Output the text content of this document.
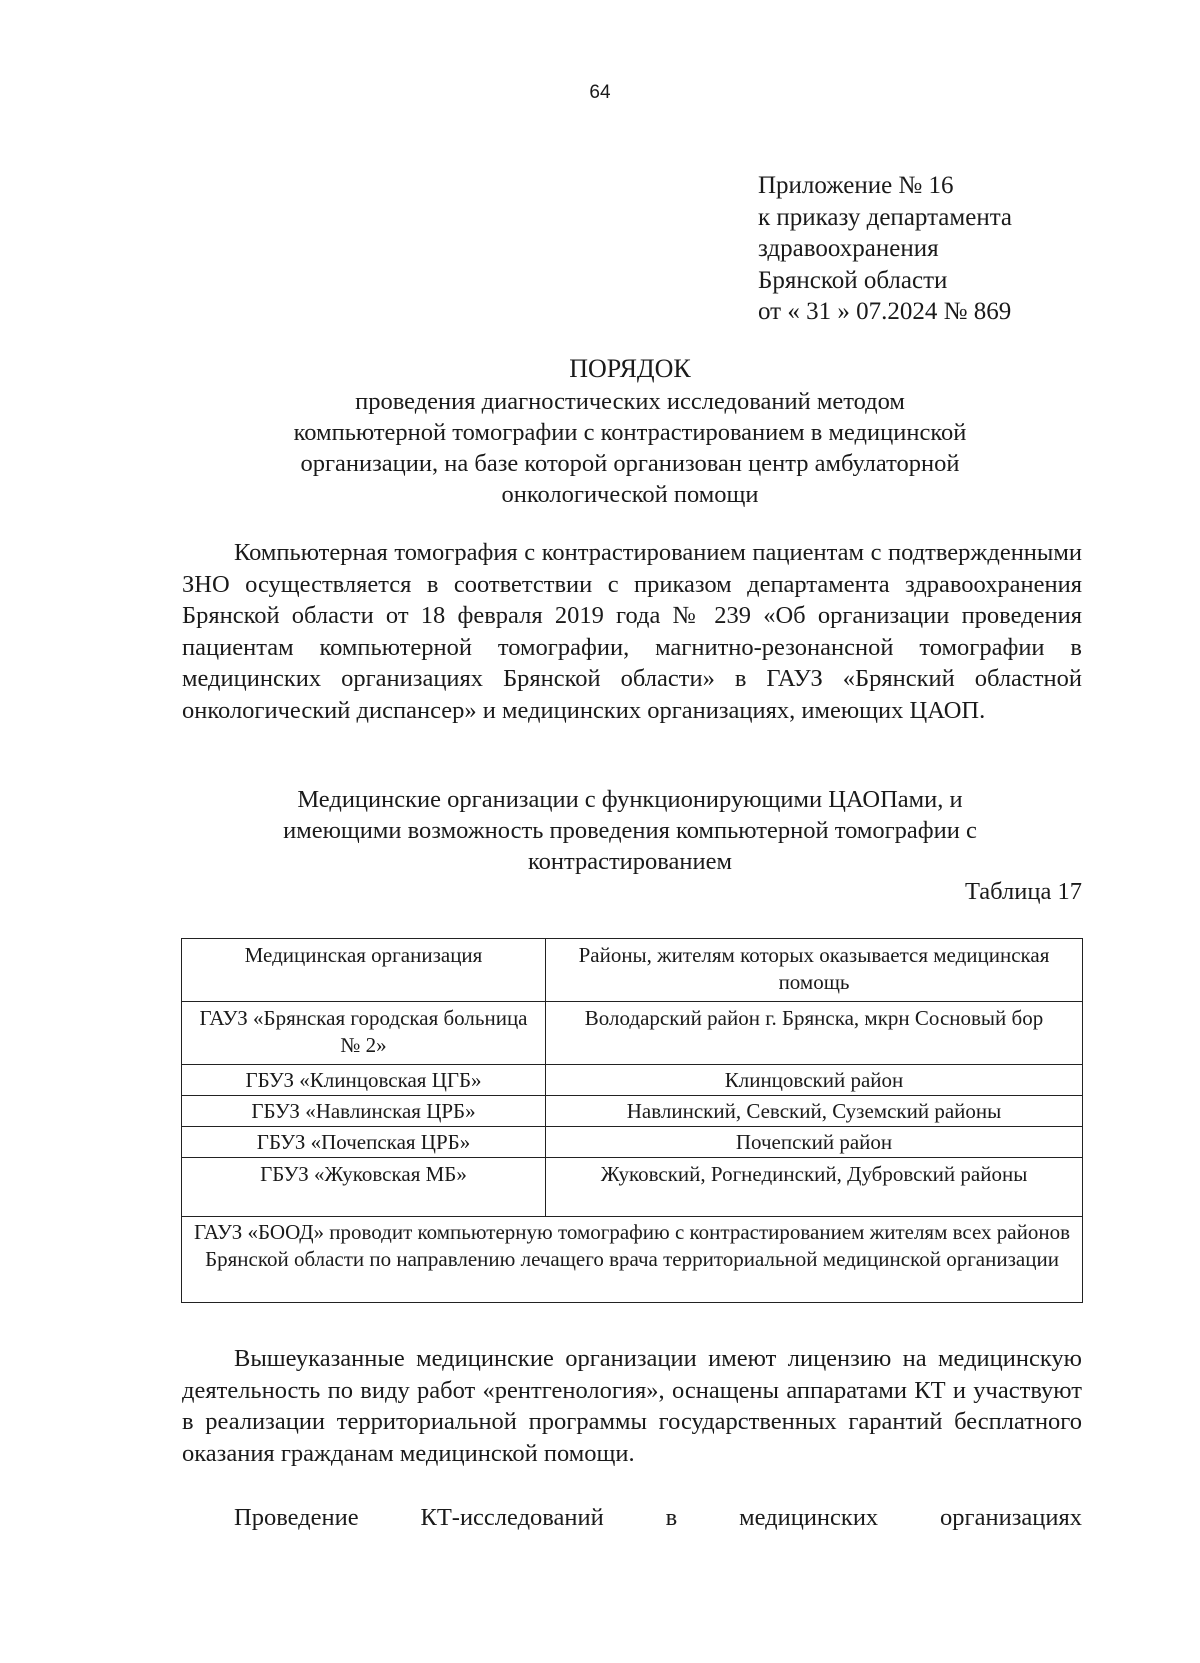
64
Приложение № 16
к приказу департамента
здравоохранения
Брянской области
от « 31 » 07.2024 № 869
ПОРЯДОК
проведения диагностических исследований методом
компьютерной томографии с контрастированием в медицинской
организации, на базе которой организован центр амбулаторной
онкологической помощи
Компьютерная томография с контрастированием пациентам с подтвержденными ЗНО осуществляется в соответствии с приказом департамента здравоохранения Брянской области от 18 февраля 2019 года № 239 «Об организации проведения пациентам компьютерной томографии, магнитно-резонансной томографии в медицинских организациях Брянской области» в ГАУЗ «Брянский областной онкологический диспансер» и медицинских организациях, имеющих ЦАОП.
Медицинские организации с функционирующими ЦАОПами, и
имеющими возможность проведения компьютерной томографии с
контрастированием
Таблица 17
Медицинская организация	Районы, жителям которых оказывается медицинская помощь
ГАУЗ «Брянская городская больница № 2»	Володарский район г. Брянска, мкрн Сосновый бор
ГБУЗ «Клинцовская ЦГБ»	Клинцовский район
ГБУЗ «Навлинская ЦРБ»	Навлинский, Севский, Суземский районы
ГБУЗ «Почепская ЦРБ»	Почепский район
ГБУЗ «Жуковская МБ»	Жуковский, Рогнединский, Дубровский районы
ГАУЗ «БООД» проводит компьютерную томографию с контрастированием жителям всех районов Брянской области по направлению лечащего врача территориальной медицинской организации	
Вышеуказанные медицинские организации имеют лицензию на медицинскую деятельность по виду работ «рентгенология», оснащены аппаратами КТ и участвуют в реализации территориальной программы государственных гарантий бесплатного оказания гражданам медицинской помощи.
Проведение КТ-исследований в медицинских организациях
